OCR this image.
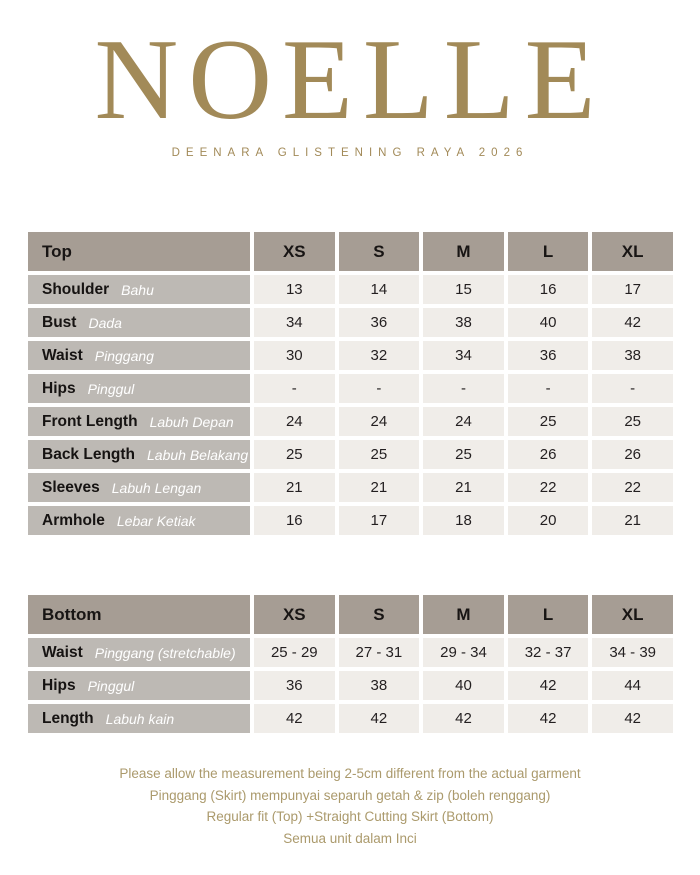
NOELLE
DEENARA GLISTENING RAYA 2026
Top	XS	S	M	L	XL
Shoulder Bahu	13	14	15	16	17
Bust Dada	34	36	38	40	42
Waist Pinggang	30	32	34	36	38
Hips Pinggul	-	-	-	-	-
Front Length Labuh Depan	24	24	24	25	25
Back Length Labuh Belakang	25	25	25	26	26
Sleeves Labuh Lengan	21	21	21	22	22
Armhole Lebar Ketiak	16	17	18	20	21
Bottom	XS	S	M	L	XL
Waist Pinggang (stretchable)	25 - 29	27 - 31	29 - 34	32 - 37	34 - 39
Hips Pinggul	36	38	40	42	44
Length Labuh kain	42	42	42	42	42
Please allow the measurement being 2-5cm different from the actual garment
Pinggang (Skirt) mempunyai separuh getah & zip (boleh renggang)
Regular fit (Top) +Straight Cutting Skirt (Bottom)
Semua unit dalam Inci
